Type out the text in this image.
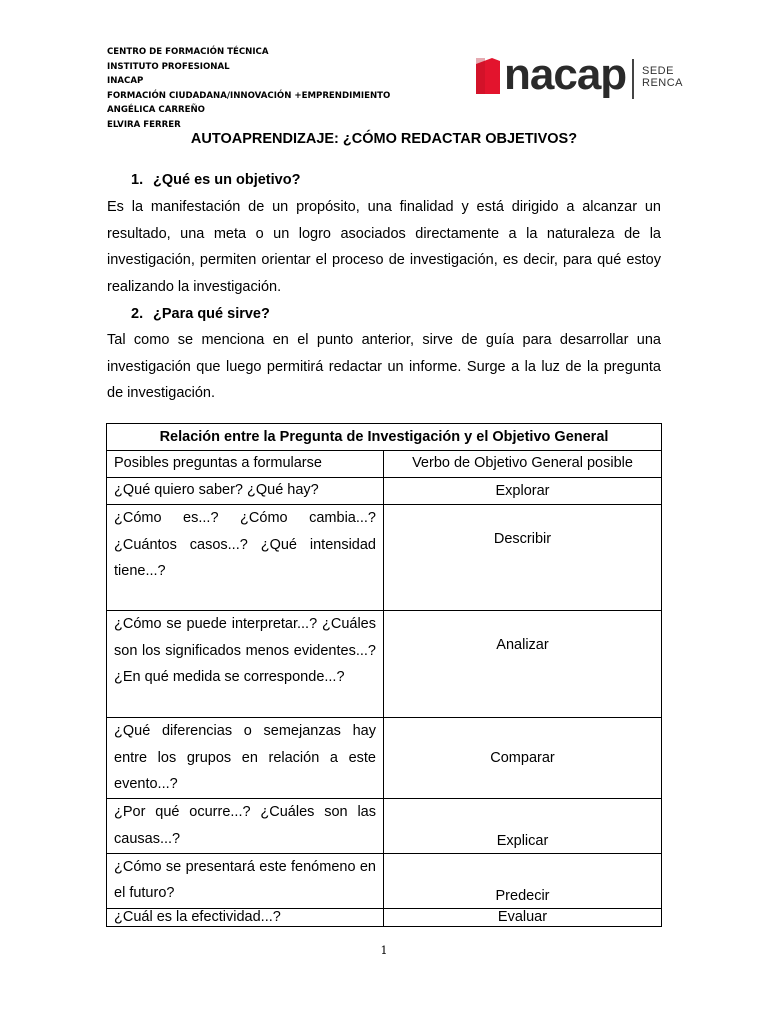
CENTRO DE FORMACIÓN TÉCNICA
INSTITUTO PROFESIONAL
INACAP
FORMACIÓN CIUDADANA/INNOVACIÓN +EMPRENDIMIENTO
ANGÉLICA CARREÑO
ELVIRA FERRER
nacap SEDE
RENCA
AUTOAPRENDIZAJE: ¿CÓMO REDACTAR OBJETIVOS?
1. ¿Qué es un objetivo?
Es la manifestación de un propósito, una finalidad y está dirigido a alcanzar un resultado, una meta o un logro asociados directamente a la naturaleza de la investigación, permiten orientar el proceso de investigación, es decir, para qué estoy realizando la investigación.
2. ¿Para qué sirve?
Tal como se menciona en el punto anterior, sirve de guía para desarrollar una investigación que luego permitirá redactar un informe. Surge a la luz de la pregunta de investigación.
Relación entre la Pregunta de Investigación y el Objetivo General	
Posibles preguntas a formularse	Verbo de Objetivo General posible
¿Qué quiero saber? ¿Qué hay?	Explorar
¿Cómo es...? ¿Cómo cambia...? ¿Cuántos casos...? ¿Qué intensidad tiene...?	Describir
¿Cómo se puede interpretar...? ¿Cuáles son los significados menos evidentes...? ¿En qué medida se corresponde...?	Analizar
¿Qué diferencias o semejanzas hay entre los grupos en relación a este evento...?	Comparar
¿Por qué ocurre...? ¿Cuáles son las causas...?	Explicar
¿Cómo se presentará este fenómeno en el futuro?	Predecir
¿Cuál es la efectividad...?	Evaluar
1
